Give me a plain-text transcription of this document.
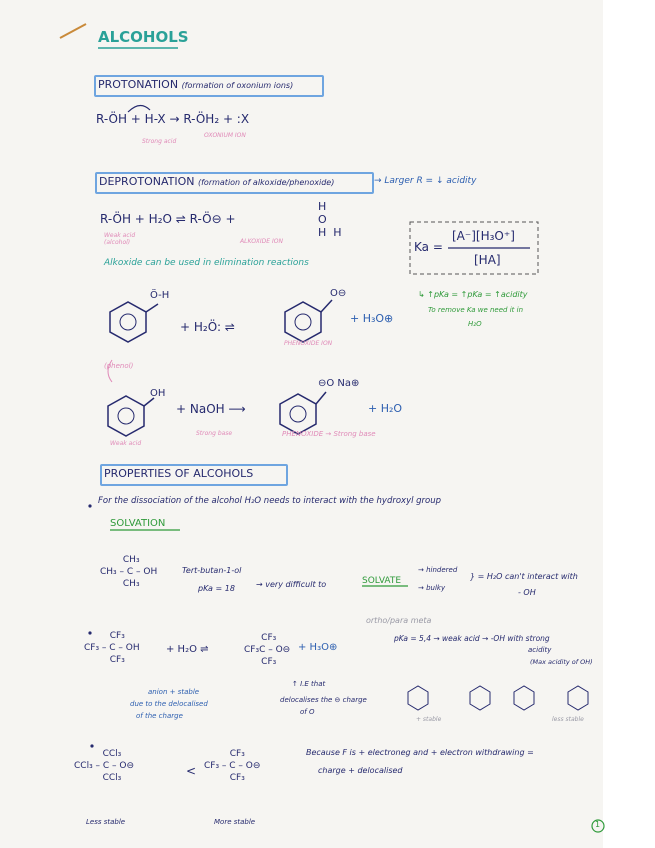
ALCOHOLS
PROTONATION (formation of oxonium ions)
R-ÖH + H-X → R-ÖH₂ + :X
Strong acid
OXONIUM ION
DEPROTONATION (formation of alkoxide/phenoxide)	→ Larger R = ↓ acidity
R-ÖH + H₂O ⇌ R-Ö⊖ +
H
O
H  H
Weak acid (alcohol)	ALKOXIDE ION	Ka =
[A⁻][H₃O⁺]
[HA]
Alkoxide can be used in elimination reactions
↳ ↑pKa = ↑pKa = ↑acidity
To remove Ka we need it in
H₂O
Ö-H
+ H₂Ö: ⇌
O⊖
+ H₃O⊕
(phenol)
PHENOXIDE ION
OH
+ NaOH ⟶
⊖O Na⊕
+ H₂O
Weak acid
Strong base	PHENOXIDE → Strong base
PROPERTIES OF ALCOHOLS
For the dissociation of the alcohol H₂O needs to interact with the hydroxyl group
SOLVATION
CH₃
CH₃ – C – OH
CH₃
Tert-butan-1-ol
pKa = 18	→ very difficult to	SOLVATE
→ hindered
→ bulky
} = H₂O can't interact with
- OH
CF₃
CF₃ – C – OH
CF₃
+ H₂O ⇌
CF₃
CF₃C – O⊖
CF₃
+ H₃O⊕
anion + stable
due to the delocalised
of the charge
↑ I.E that
delocalises the ⊖ charge
of O
ortho/para meta
pKa = 5,4 → weak acid → -OH with strong
acidity
(Max acidity of OH)
+ stable	less stable
CCl₃
CCl₃ – C – O⊖
CCl₃	<
CF₃
CF₃ – C – O⊖
CF₃
Because F is + electroneg and + electron withdrawing =
charge + delocalised
Less stable	More stable	1
